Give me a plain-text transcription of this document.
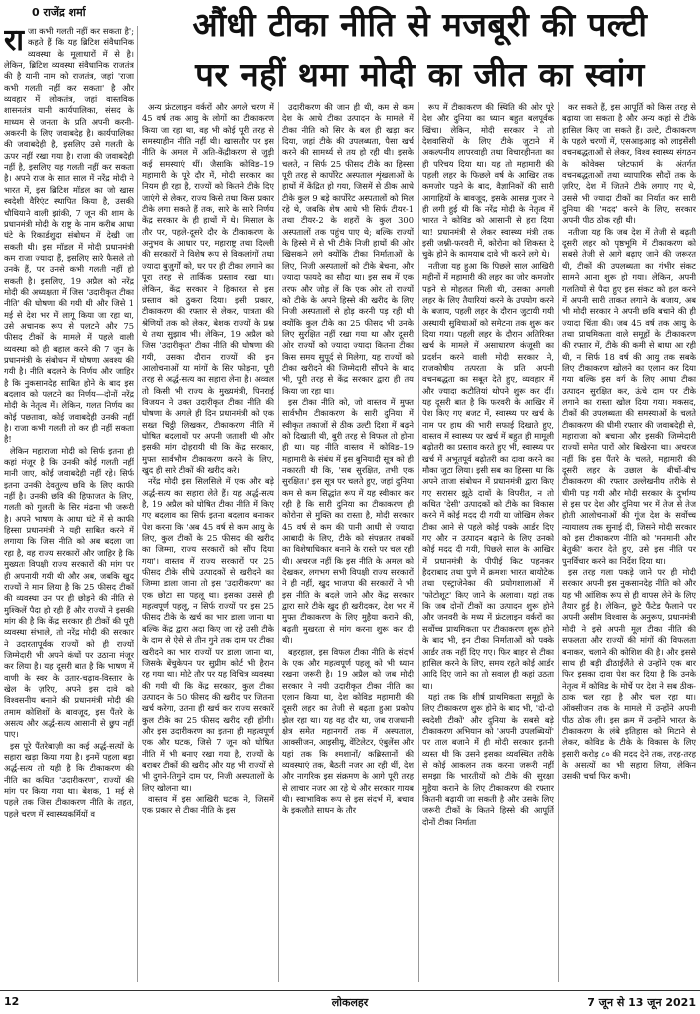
0 राजेंद्र शर्मा	औंधी टीका नीति से मजबूरी की पल्टी
पर नहीं थमा मोदी का जीत का स्वांग

रा जा कभी गलती नहीं कर सकता है'; कहते हैं कि यह ब्रिटिश संवैधानिक व्यवस्था के मूलाधारों में से है। लेकिन, ब्रिटिश व्यवस्था संवैधानिक राजतंत्र की है यानी नाम को राजतंत्र, जहां 'राजा कभी गलती नहीं कर सकता' है और व्यवहार में लोकतंत्र, जहां वास्तविक शासनतंत्र यानी कार्यपालिका, संसद के माध्यम से जनता के प्रति अपनी करनी-अकरनी के लिए जवाबदेह है। कार्यपालिका की जवाबदेही है, इसलिए उसे गलती के ऊपर नहीं रखा गया है। राजा की जवाबदेही नहीं है, इसलिए यह गलती नहीं कर सकता है। अपने राज के सात साल में नरेंद्र मोदी ने भारत में, इस ब्रिटिश मॉडल का जो खास स्वदेशी वैरिएंट स्थापित किया है, उसकी चौथियाने वाली झांकी, 7 जून की शाम के प्रधानमंत्री मोदी के राष्ट्र के नाम करीब आधा घंटे के रिकार्डशुदा संबोधन में देखी जा सकती थी। इस मॉडल में मोदी प्रधानमंत्री कम राजा ज्यादा हैं, इसलिए सारे फैसले तो उनके हैं, पर उनसे कभी गलती नहीं हो सकती है। इसलिए, 19 अप्रैल को नरेंद्र मोदी की अध्यक्षता में जिस 'उदारीकृत टीका नीति' की घोषणा की गयी थी और जिसे 1 मई से देश भर में लागू किया जा रहा था, उसे अचानक रूप से पलटने और 75 फीसद टीकों के मामले में पहले वाली व्यवस्था को ही बहाल करने की 7 जून के प्रधानमंत्री के संबोधन में घोषणा अवश्य की गयी है। नीति बदलने के निर्णय और जाहिर है कि नुकसानदेह साबित होने के बाद इस बदलाव को पलटने का निर्णय—दोनों नरेंद्र मोदी के नेतृत्व में। लेकिन, गलत निर्णय का कोई पछतावा, कोई जवाबदेही उनकी नहीं है। राजा कभी गलती तो कर ही नहीं सकता है!

लेकिन महाराजा मोदी को सिर्फ इतना ही कहां मंजूर है कि उनकी कोई गलती नहीं मानी जाए, कोई जवाबदेही नहीं रहे। सिर्फ इतना उनकी देवतुल्य छवि के लिए काफी नहीं है। उनकी छवि की हिफाजत के लिए, गलती को गुलती के सिर मंढना भी जरूरी है। अपने भाषण के आधा घंटे में से काफी हिस्सा प्रधानमंत्री ने यही साबित करने में लगाया कि जिस नीति को अब बदला जा रहा है, वह राज्य सरकारों और जाहिर है कि मुख्यतः विपक्षी राज्य सरकारों की मांग पर ही अपनायी गयी थी और अब, जबकि खुद राज्यों ने मान लिया है कि 25 फीसद टीकों की व्यवस्था उन पर ही छोड़ने की नीति से मुश्किलें पैदा हो रही हैं और राज्यों ने इसकी मांग की है कि केंद्र सरकार ही टीकों की पूरी व्यवस्था संभाले, तो नरेंद्र मोदी की सरकार ने उदारतापूर्वक राज्यों को ही राज्यों जिम्मेदारी भी अपने कंधों पर उठाना मंजूर कर लिया है। यह दूसरी बात है कि भाषण में वाणी के स्वर के उतार-चढ़ाव-विस्तार के खेल के ज़रिए, अपने इस दावे को विश्वसनीय बनाने की प्रधानमंत्री मोदी की तमाम कोशिशों के बावजूद, इस पैंतरे के असत्य और अर्द्ध-सत्य आसानी से छुप नहीं पाए।

इस पूरे पैंतरेबाज़ी का कई अर्द्ध-सत्यों के सहारा खड़ा किया गया है। इनमें पहला बड़ा अर्द्ध-सत्य तो यही है कि टीकाकरण की नीति का कथित 'उदारीकरण', राज्यों की मांग पर किया गया था। बेशक, 1 मई से पहले तक जिस टीकाकरण नीति के तहत, पहले चरण में स्वास्थ्यकर्मियों व

अन्य फ्रंटलाइन वर्करों और अगले चरण में 45 वर्ष तक आयु के लोगों का टीकाकरण किया जा रहा था, वह भी कोई पूरी तरह से समस्याहीन नीति नहीं थी। खासतौर पर इस नीति के अमल में अति-केंद्रीकरण से जुड़ी कई समस्याएं थीं। जैसाकि कोविड–19 महामारी के पूरे दौर में, मोदी सरकार का नियम ही रहा है, राज्यों को कितने टीके दिए जाएंगे से लेकर, राज्य किसे तथा किस प्रकार टीके लगा सकते हैं तक, सारे के सारे निर्णय केंद्र सरकार के ही हाथों में थे। मिसाल के तौर पर, पहले-दूसरे दौर के टीकाकरण के अनुभव के आधार पर, महाराष्ट्र तथा दिल्ली की सरकारों ने विशेष रूप से विकलांगों तथा ज्यादा बुजुर्गों को, घर पर ही टीका लगाने का पूरा तरह से तार्किक प्रस्ताव रखा था। लेकिन, केंद्र सरकार ने हिकारत से इस प्रस्ताव को ठुकरा दिया। इसी प्रकार, टीकाकरण की रफ्तार से लेकर, पात्रता की श्रेणियों तक को लेकर, बेशक राज्यों के प्रश्न थे तथा सुझाव भी। लेकिन, 19 अप्रैल को जिस 'उदारीकृत' टीका नीति की घोषणा की गयी, उसका दौरान राज्यों की इन आलोचनाओं या मांगों के सिर फोड़ना, पूरी तरह से अर्द्ध-सत्य का सहारा लेना है। अव्वल तो किसी भी राज्य के मुख्यमंत्री, पिनराई विजयन ने उक्त उदारीकृत टीका नीति की घोषणा के अगले ही दिन प्रधानमंत्री को एक सख्त चिट्ठी लिखकर, टीकाकरण नीति में घोषित बदलावों पर अपनी जताशी थी और इसकी मांग दोहरायी थी कि केंद्र सरकार, मुफ्त सार्वभौम टीकाकरण करने के लिए, खुद ही सारे टीकों की खरीद करे।

नरेंद्र मोदी इस सिलसिले में एक और बड़े अर्द्ध-सत्य का सहारा लेते हैं। यह अर्द्ध-सत्य है, 19 अप्रैल को घोषित टीका नीति में किए गए बदलाव का सिर्फ इतना बदलाव बनाकर पेश करना कि 'अब 45 वर्ष से कम आयु के लिए, कुल टीकों के 25 फीसद की खरीद का जिम्मा, राज्य सरकारों को सौंप दिया गया'। वास्तव में राज्य सरकारों पर 25 फीसद टीके सीधे उत्पादकों से खरीदने का जिम्मा डाला जाना तो इस 'उदारीकरण' का एक छोटा सा पहलू था। इसका उससे ही महत्वपूर्ण पहलू, न सिर्फ राज्यों पर इस 25 फीसद टीके के खर्च का भार डाला जाना था बल्कि केंद्र द्वारा अदा किए जा रहे उसी टीके के दाम से ऐसे से तीन गुने तक दाम पर टीका खरीदने का भार राज्यों पर डाला जाना था, जिसके बेंचुकेपन पर सुप्रीम कोर्ट भी हैरान रह गया था। मोटे तौर पर यह विचित्र व्यवस्था की गयी थी कि केंद्र सरकार, कुल टीका उत्पादन के 50 फीसद की खरीद पर जितना खर्च करेगा, उतना ही खर्च कर राज्य सरकारें कुल टीके का 25 फीसद खरीद रही होंगी। और इस उदारीकरण का इतना ही महत्वपूर्ण एक और घटक, जिसे 7 जून को घोषित नीति में भी बनाए रखा गया है, राज्यों के बराबर टीकों की खरीद और यह भी राज्यों से भी दुगने-तिगुने दाम पर, निजी अस्पतालों के लिए खोलना था।

वास्तव में इस आखिरी घटक ने, जिसमें एक प्रकार से टीका नीति के इस

उदारीकरण की जान ही थी, कम से कम देश के आधे टीका उत्पादन के मामले में टीका नीति को सिर के बल ही खड़ा कर दिया, जहां टीके की उपलब्धता, पैसा खर्च करने की सामर्थ्य से तय हो रही थी। इसके चलते, न सिर्फ 25 फीसद टीके का हिस्सा पूरी तरह से कार्पोरेट अस्पताल शृंखलाओं के हाथों में केंद्रित हो गया, जिसमें से ठीक आधे टीके कुल 9 बड़े कार्पोरेट अस्पतालों को मिल रहे थे, जबकि शेष आधे भी सिर्फ टीयर-1 तथा टीयर-2 के शहरों के कुल 300 अस्पतालों तक पहुंच पाए थे; बल्कि राज्यों के हिस्से में से भी टीके निजी हाथों की ओर खिसकने लगे क्योंकि टीका निर्माताओं के लिए, निजी अस्पतालों को टीके बेचना, और ज्यादा फायदे का सौदा था। इस सब में एक तरफ और जोड़ लें कि एक ओर तो राज्यों को टीके के अपने हिस्से की खरीद के लिए निजी अस्पतालों से होड़ करनी पड़ रही थी क्योंकि कुल टीके का 25 फीसद भी उनके लिए सुरक्षित नहीं रखा गया था और दूसरी ओर राज्यों को ज्यादा ज्यादा कितना टीका किस समय सुपूर्द से मिलेगा, यह राज्यों को टीका खरीदने की जिम्मेदारी सौंपने के बाद भी, पूरी तरह से केंद्र सरकार द्वारा ही तय किया जा रहा था।

इस टीका नीति को, जो वास्तव में मुफ्त सार्वभौम टीकाकरण के सारी दुनिया में स्वीकृत तकाजों से ठीक उल्टी दिशा में बढ़ने को दिखाती थी, बुरी तरह से विफल तो होना ही था। यह नीति वास्तव में कोविड–19 महामारी के संबंध में इस बुनियादी सूत्र को ही नकारती थी कि, 'सब सुरक्षित, तभी एक सुरक्षित।' इस सूत्र पर चलते हुए, जहां दुनिया कम से कम सिद्धांत रूप में यह स्वीकार कर रही है कि सारी दुनिया का टीकाकरण ही कोरोना से मुक्ति का रास्ता है, मोदी सरकार 45 वर्ष से कम की पानी आधी से ज्यादा आबादी के लिए, टीके को संपन्नतर तबकों का विशेषाधिकार बनाने के रास्ते पर चल रही थी। अचरज नहीं कि इस नीति के अमल को देखकर, लगभग सभी विपक्षी राज्य सरकारों ने ही नहीं, खुद भाजपा की सरकारों ने भी इस नीति के बदले जाने और केंद्र सरकार द्वारा सारे टीके खुद ही खरीदकर, देश भर में मुफ्त टीकाकरण के लिए मुहैया कराने की, बढ़ती मुखरता से मांग करना शुरू कर दी थी।

बहरहाल, इस विफल टीका नीति के संदर्भ के एक और महत्वपूर्ण पहलू को भी ध्यान रखना जरूरी है। 19 अप्रैल को जब मोदी सरकार ने नयी उदारीकृत टीका नीति का एलान किया था, देश कोविड महामारी की दूसरी लहर का तेजी से बढ़ता हुआ प्रकोप झेल रहा था। यह वह दौर था, जब राजधानी क्षेत्र समेत महानगरों तक में अस्पताल, आक्सीजन, आइसीयू, वेंटिलेटर, एंबुलेंस और यहां तक कि श्मशानों/ कब्रिस्तानों की व्यवस्थाएं तक, बैठती नजर आ रही थीं, देश और नागरिक इस संक्रमण के आगे पूरी तरह से लाचार नजर आ रहे थे और सरकार गायब थी। स्वाभाविक रूप से इस संदर्भ में, बचाव के इकलौते साधन के तौर

रूप में टीकाकरण की स्थिति की ओर पूरे देश और दुनिया का ध्यान बहुत बलपूर्वक खिंचा। लेकिन, मोदी सरकार ने तो देशवासियों के लिए टीके जुटाने में अकल्पनीय लापरवाही तथा विचारहीनता का ही परिचय दिया था। यह तो महामारी की पहली लहर के फिछले वर्ष के आखिर तक कमजोर पड़ने के बाद, वैज्ञानिकों की सारी आगाहियों के बावजूद, इसके आसन्न गुजर ने ही लगी हुई थी कि नरेंद्र मोदी के नेतृत्व में भारत ने कोविड को आसानी से हरा दिया था! प्रधानमंत्री से लेकर स्वास्थ्य मंत्री तक इसी जश्नी-फरवरी में, कोरोना को शिकस्त दे चुके होने के कामयाब दावे भी करने लगे थे।

नतीजा यह हुआ कि पिछले साल आखिरी महीनों में महामारी की लहर का जोर कमजोर पड़ने से मोहलत मिली थी, उसका अगली लहर के लिए तैयारियां करने के उपयोग करने के बजाय, पहली लहर के दौरान जुटायी गयी अस्थायी सुविधाओं को समेटना तक शुरू कर दिया गया। पहली लहर के दौरान अतिरिक्त खर्च के मामले में असाधारण कंजूसी का प्रदर्शन करने वाली मोदी सरकार ने, राजकोषीय तत्परता के प्रति अपनी वचनबद्धता का सबूत देते हुए, व्यवहार में और ज्यादा कटौतियां थोपने शुरू कर दीं। यह दूसरी बात है कि फरवरी के आखिर में पेश किए गए बजट में, स्वास्थ्य पर खर्च के नाम पर हाथ की भारी सफाई दिखाते हुए, वास्तव में स्वास्थ्य पर खर्च में बहुत ही मामूली बढ़ोतरी का प्रस्ताव करते हुए भी, स्वास्थ्य पर खर्च में अभूतपूर्व बढ़ोतरी का दावा करने का मौका जुटा लिया। इसी सब का हिस्सा था कि अपने ताजा संबोधन में प्रधानमंत्री द्वारा किए गए सरासर झूठे दावों के विपरीत, न तो कथित 'देसी' उत्पादकों को टीके का विकास करने में कोई मदद दी गयी या जोखिम लेकर टीका आने से पहले कोई पक्के आर्डर दिए गए और न उत्पादन बढ़ाने के लिए उनको कोई मदद दी गयी, पिछले साल के आखिर में प्रधानमंत्री के पीपीई किट पहनकर हैदराबाद तथा पुणे में क्रमशः भारत बायोटेक तथा एस्ट्राजेनेका की प्रयोगशालाओं में 'फोटोशूट' किए जाने के अलावा। यहां तक कि जब दोनों टीकों का उत्पादन शुरू होने और जनवरी के मध्य में फ्रंटलाइन वर्करों का सर्वोच्च प्राथमिकता पर टीकाकरण शुरू होने के बाद भी, इन टीका निर्माताओं को पक्के आर्डर तक नहीं दिए गए। फिर बाहर से टीका हासिल करने के लिए, समय रहते कोई आर्डर आदि दिए जाने का तो सवाल ही कहां उठता था।

यहां तक कि शीर्ष प्राथमिकता समूहों के लिए टीकाकरण शुरू होने के बाद भी, 'दो-दो स्वदेशी टीकों' और दुनिया के सबसे बड़े टीकाकरण अभियान को 'अपनी उपलब्धियों' पर ताल बजाने में ही मोदी सरकार इतनी व्यस्त थी कि उसने इसका व्यवस्थित तरीके से कोई आकलन तक करना जरूरी नहीं समझा कि भारतीयों को टीके की सुरक्षा मुहैया कराने के लिए टीकाकरण की रफ्तार कितनी बढ़ायी जा सकती है और उसके लिए जरूरी टीकों के कितने हिस्से की आपूर्ति दोनों टीका निर्माता

कर सकते हैं, इस आपूर्ति को किस तरह से बढ़ाया जा सकता है और अन्य कहां से टीके हासिल किए जा सकते हैं। उल्टे, टीकाकरण के पहले चरणों में, एसआइआइ को लाइसेंसी वचनबद्धताओं से लेकर, विश्व स्वास्थ्य संगठन के कोवेक्स प्लेटफार्म के अंतर्गत वचनबद्धताओं तथा व्यापारिक सौदों तक के ज़रिए, देश में जितने टीके लगाए गए थे, उससे भी ज्यादा टीकों का निर्यात कर सारी दुनिया की 'मदद' करने के लिए, सरकार अपनी पीठ ठोक रही थी।

नतीजा यह कि जब देश में तेजी से बढ़ती दूसरी लहर को पृष्ठभूमि में टीकाकरण को सबसे तेजी से आगे बढ़ाए जाने की जरूरत थी, टीकों की उपलब्धता का गंभीर संकट सामने आना शुरू हो गया। लेकिन, अपनी गलतियों से पैदा हुए इस संकट को हल करने में अपनी सारी ताकत लगाने के बजाय, अब भी मोदी सरकार ने अपनी छवि बचाने की ही ज्यादा चिंता की। जब 45 वर्ष तक आयु के तथा प्राथमिकता वाले समूहों के टीकाकरण की रफ्तार में, टीके की कमी से बाधा आ रही थी, न सिर्फ 18 वर्ष की आयु तक सबके लिए टीकाकरण खोलने का एलान कर दिया गया बल्कि इस वर्ग के लिए आधा टीका उत्पादन सुरक्षित कर, ऊंचे दाम पर टीके लगाने का रास्ता खोल दिया गया। मकसद, टीकों की उपलब्धता की समस्याओं के चलते टीकाकरण की धीमी रफ्तार की जवाबदेही से, महाराजा को बचाना और इसकी जिम्मेदारी राज्यों समेत पारों ओर बिखेरना था। अचरज नहीं कि इस पैंतरे के चलते, महामारी की दूसरी लहर के उछाल के बीचों-बीच टीकाकरण की रफ्तार उल्लेखनीय तरीके से धीमी पड़ गयी और मोदी सरकार के दुर्भाग्य से इस पर देश और दुनिया भर में तेज से तेज होती आलोचनाओं की गूंज देश के सर्वोच्च न्यायालय तक सुनाई दी, जिसने मोदी सरकार को इस टीकाकरण नीति को 'मनमानी और बेतुकी' करार देते हुए, उसे इस नीति पर पुनर्विचार करने का निर्देश दिया था।

इस तरह गला पकड़े जाने पर ही मोदी सरकार अपनी इस नुकसानदेह नीति को और यह भी आंशिक रूप से ही वापस लेने के लिए तैयार हुई है। लेकिन, छुटे फैंटेड फैलाने पर अपनी असीम विश्वास के अनुरूप, प्रधानमंत्री मोदी ने इसे अपनी मूल टीका नीति की सफलता और राज्यों की मांगों की विफलता बनाकर, चलाने की कोशिश की है। और इससे साथ ही बड़ी ढीठाईलैंते से उन्होंने एक बार फिर इसका दावा पेश कर दिया है कि उनके नेतृत्व में कोविड के मोर्चे पर देश ने सब ठीक-ठाक चल रहा है और चल रहा था। ऑक्सीजन तक के मामले में उन्होंने अपनी पीठ ठोक ली। इस क्रम में उन्होंने भारत के टीकाकरण के लंबे इतिहास को मिटाने से लेकर, कोविड के टीके के विकास के लिए इसारी करोड़ ८० की मदद देने तक, तरह-तरह के असत्यों का भी सहारा लिया, लेकिन उसकी चर्चा फिर कभी।

12	लोकलहर	7 जून से 13 जून 2021
